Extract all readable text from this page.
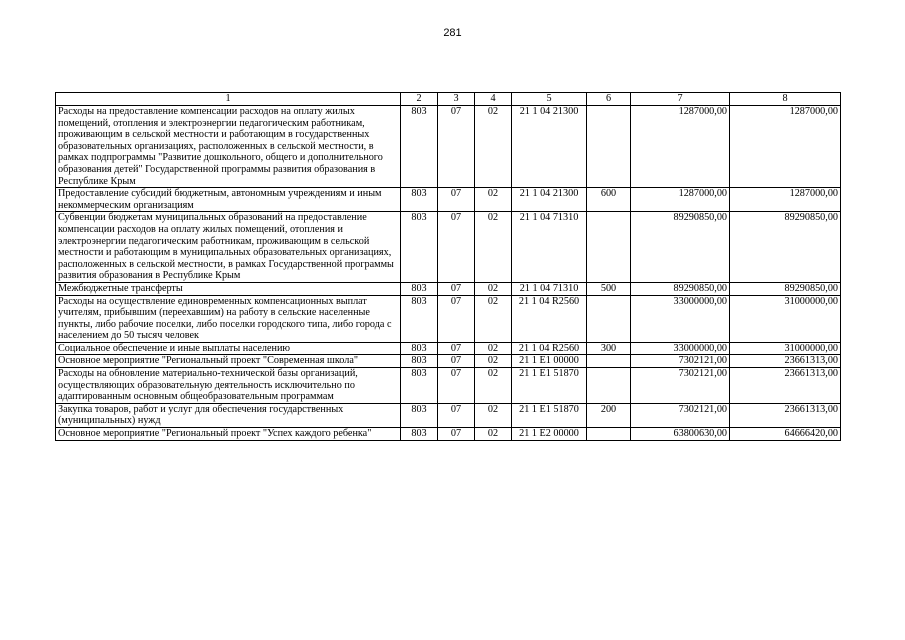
281
1	2	3	4	5	6	7	8
Расходы на предоставление компенсации расходов на оплату жилых помещений, отопления и электроэнергии педагогическим работникам, проживающим в сельской местности и работающим в государственных образовательных организациях, расположенных в сельской местности, в рамках подпрограммы "Развитие дошкольного, общего и дополнительного образования детей" Государственной программы развития образования в Республике Крым	803	07	02	21 1 04 21300		1287000,00	1287000,00
Предоставление субсидий бюджетным, автономным учреждениям и иным некоммерческим организациям	803	07	02	21 1 04 21300	600	1287000,00	1287000,00
Субвенции бюджетам муниципальных образований на предоставление компенсации расходов на оплату жилых помещений, отопления и электроэнергии педагогическим работникам, проживающим в сельской местности и работающим в муниципальных образовательных организациях, расположенных в сельской местности, в рамках Государственной программы развития образования в Республике Крым	803	07	02	21 1 04 71310		89290850,00	89290850,00
Межбюджетные трансферты	803	07	02	21 1 04 71310	500	89290850,00	89290850,00
Расходы на осуществление единовременных компенсационных выплат учителям, прибывшим (переехавшим) на работу в сельские населенные пункты, либо рабочие поселки, либо поселки городского типа, либо города с населением до 50 тысяч человек	803	07	02	21 1 04 R2560		33000000,00	31000000,00
Социальное обеспечение и иные выплаты населению	803	07	02	21 1 04 R2560	300	33000000,00	31000000,00
Основное мероприятие "Региональный проект "Современная школа"	803	07	02	21 1 E1 00000		7302121,00	23661313,00
Расходы на обновление материально-технической базы организаций, осуществляющих образовательную деятельность исключительно по адаптированным основным общеобразовательным программам	803	07	02	21 1 E1 51870		7302121,00	23661313,00
Закупка товаров, работ и услуг для обеспечения государственных (муниципальных) нужд	803	07	02	21 1 E1 51870	200	7302121,00	23661313,00
Основное мероприятие "Региональный проект "Успех каждого ребенка"	803	07	02	21 1 E2 00000		63800630,00	64666420,00
